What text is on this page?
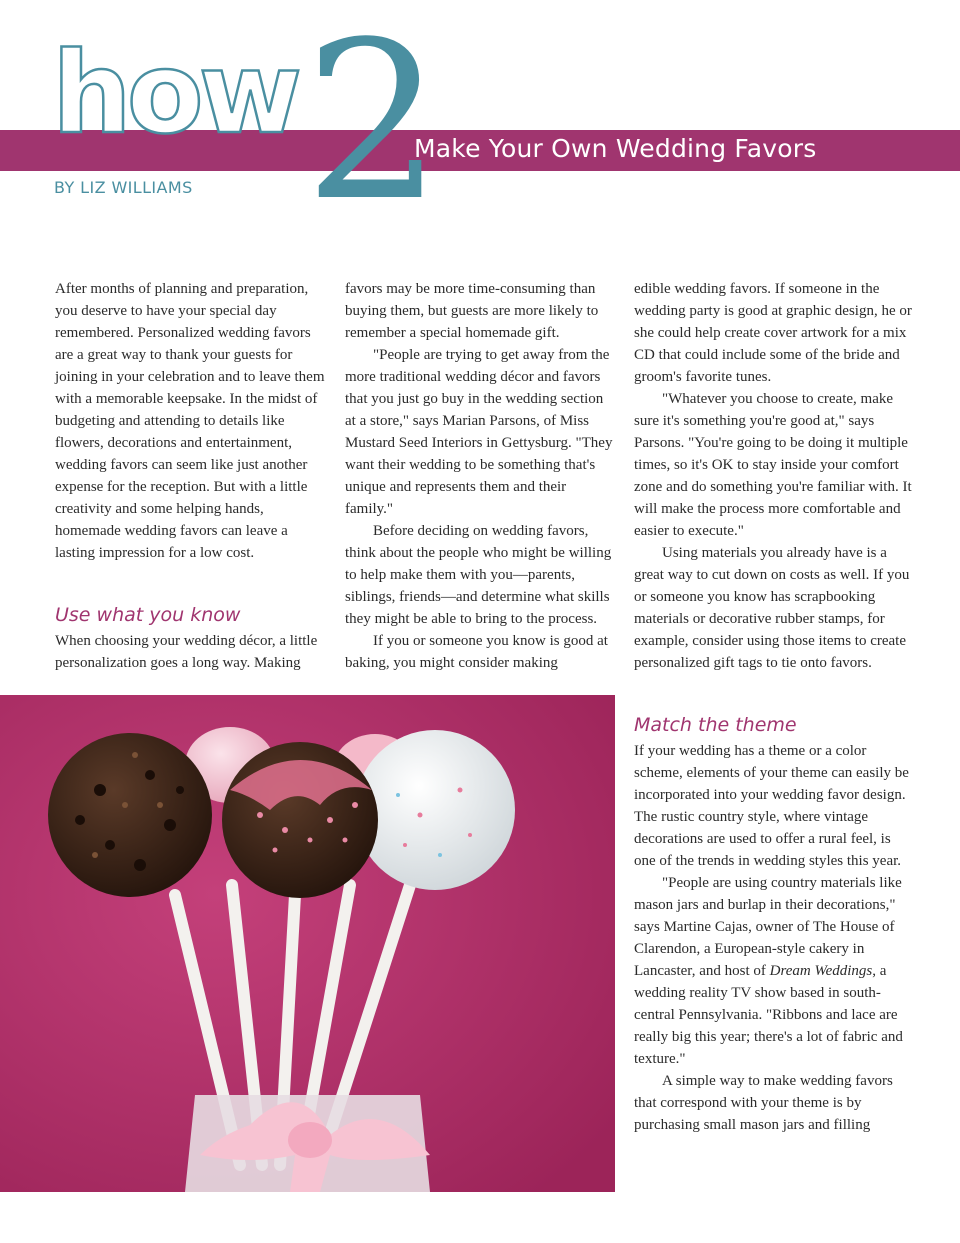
how 2
Make Your Own Wedding Favors
BY LIZ WILLIAMS

After months of planning and preparation, you deserve to have your special day remembered. Personalized wedding favors are a great way to thank your guests for joining in your celebration and to leave them with a memorable keepsake. In the midst of budgeting and attending to details like flowers, decorations and entertainment, wedding favors can seem like just another expense for the reception. But with a little creativity and some helping hands, homemade wedding favors can leave a lasting impression for a low cost.

Use what you know

When choosing your wedding décor, a little personalization goes a long way. Making

favors may be more time-consuming than buying them, but guests are more likely to remember a special homemade gift.

"People are trying to get away from the more traditional wedding décor and favors that you just go buy in the wedding section at a store," says Marian Parsons, of Miss Mustard Seed Interiors in Gettysburg. "They want their wedding to be something that's unique and represents them and their family."

Before deciding on wedding favors, think about the people who might be willing to help make them with you—parents, siblings, friends—and determine what skills they might be able to bring to the process.

If you or someone you know is good at baking, you might consider making

edible wedding favors. If someone in the wedding party is good at graphic design, he or she could help create cover artwork for a mix CD that could include some of the bride and groom's favorite tunes.

"Whatever you choose to create, make sure it's something you're good at," says Parsons. "You're going to be doing it multiple times, so it's OK to stay inside your comfort zone and do something you're familiar with. It will make the process more comfortable and easier to execute."

Using materials you already have is a great way to cut down on costs as well. If you or someone you know has scrapbooking materials or decorative rubber stamps, for example, consider using those items to create personalized gift tags to tie onto favors.

Match the theme

If your wedding has a theme or a color scheme, elements of your theme can easily be incorporated into your wedding favor design. The rustic country style, where vintage decorations are used to offer a rural feel, is one of the trends in wedding styles this year.

"People are using country materials like mason jars and burlap in their decorations," says Martine Cajas, owner of The House of Clarendon, a European-style cakery in Lancaster, and host of Dream Weddings, a wedding reality TV show based in south-central Pennsylvania. "Ribbons and lace are really big this year; there's a lot of fabric and texture."

A simple way to make wedding favors that correspond with your theme is by purchasing small mason jars and filling
